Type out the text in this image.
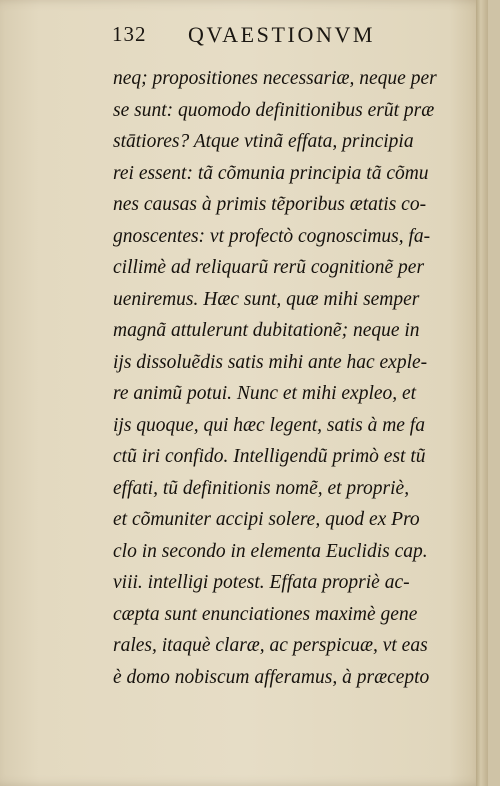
132 QVAESTIONVM
neq; propositiones necessariæ, neque per
se sunt: quomodo definitionibus erũt præ
stātiores? Atque vtinã effata, principia
rei essent: tã cõmunia principia tã cõmu
nes causas à primis tẽporibus ætatis co-
gnoscentes: vt profectò cognoscimus, fa-
cillimè ad reliquarũ rerũ cognitionẽ per
ueniremus. Hæc sunt, quæ mihi semper
magnã attulerunt dubitationẽ; neque in
ijs dissoluẽdis satis mihi ante hac exple-
re animũ potui. Nunc et mihi expleo, et
ijs quoque, qui hæc legent, satis à me fa
ctũ iri confido. Intelligendũ primò est tũ
effati, tũ definitionis nomẽ, et propriè,
et cõmuniter accipi solere, quod ex Pro
clo in secondo in elementa Euclidis cap.
viii. intelligi potest. Effata propriè ac-
cæpta sunt enunciationes maximè gene
rales, itaquè claræ, ac perspicuæ, vt eas
è domo nobiscum afferamus, à præcepto
